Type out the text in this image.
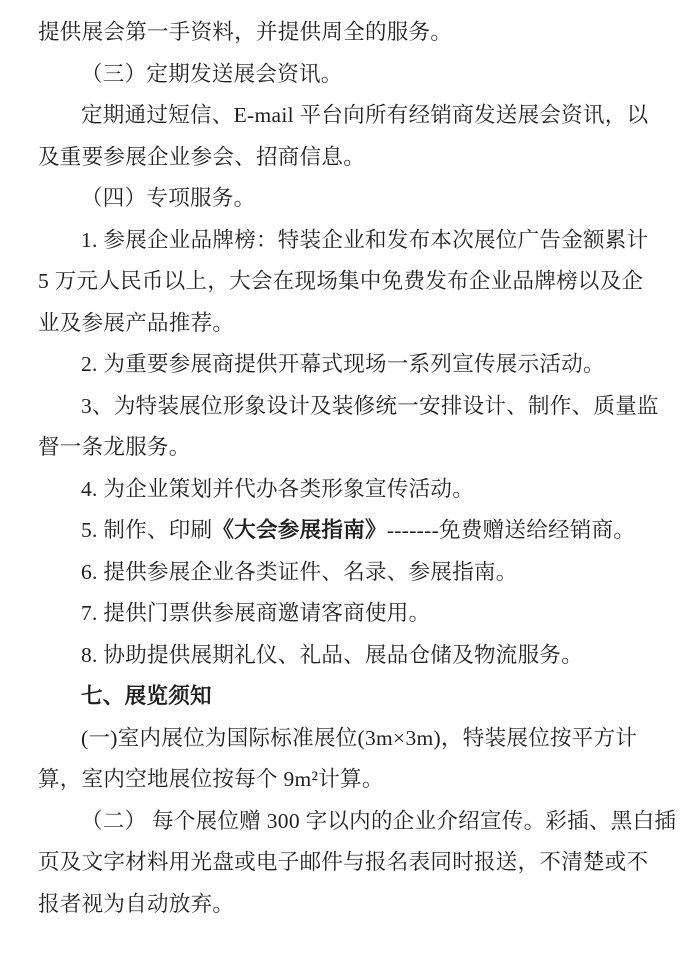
提供展会第一手资料，并提供周全的服务。
（三）定期发送展会资讯。
定期通过短信、E-mail 平台向所有经销商发送展会资讯，以
及重要参展企业参会、招商信息。
（四）专项服务。
1. 参展企业品牌榜：特装企业和发布本次展位广告金额累计
5 万元人民币以上，大会在现场集中免费发布企业品牌榜以及企
业及参展产品推荐。
2. 为重要参展商提供开幕式现场一系列宣传展示活动。
3、为特装展位形象设计及装修统一安排设计、制作、质量监
督一条龙服务。
4. 为企业策划并代办各类形象宣传活动。
5. 制作、印刷《大会参展指南》-------免费赠送给经销商。
6. 提供参展企业各类证件、名录、参展指南。
7. 提供门票供参展商邀请客商使用。
8. 协助提供展期礼仪、礼品、展品仓储及物流服务。
七、展览须知
(一)室内展位为国际标准展位(3m×3m)，特装展位按平方计
算，室内空地展位按每个 9m²计算。
（二） 每个展位赠 300 字以内的企业介绍宣传。彩插、黑白插
页及文字材料用光盘或电子邮件与报名表同时报送，不清楚或不
报者视为自动放弃。
